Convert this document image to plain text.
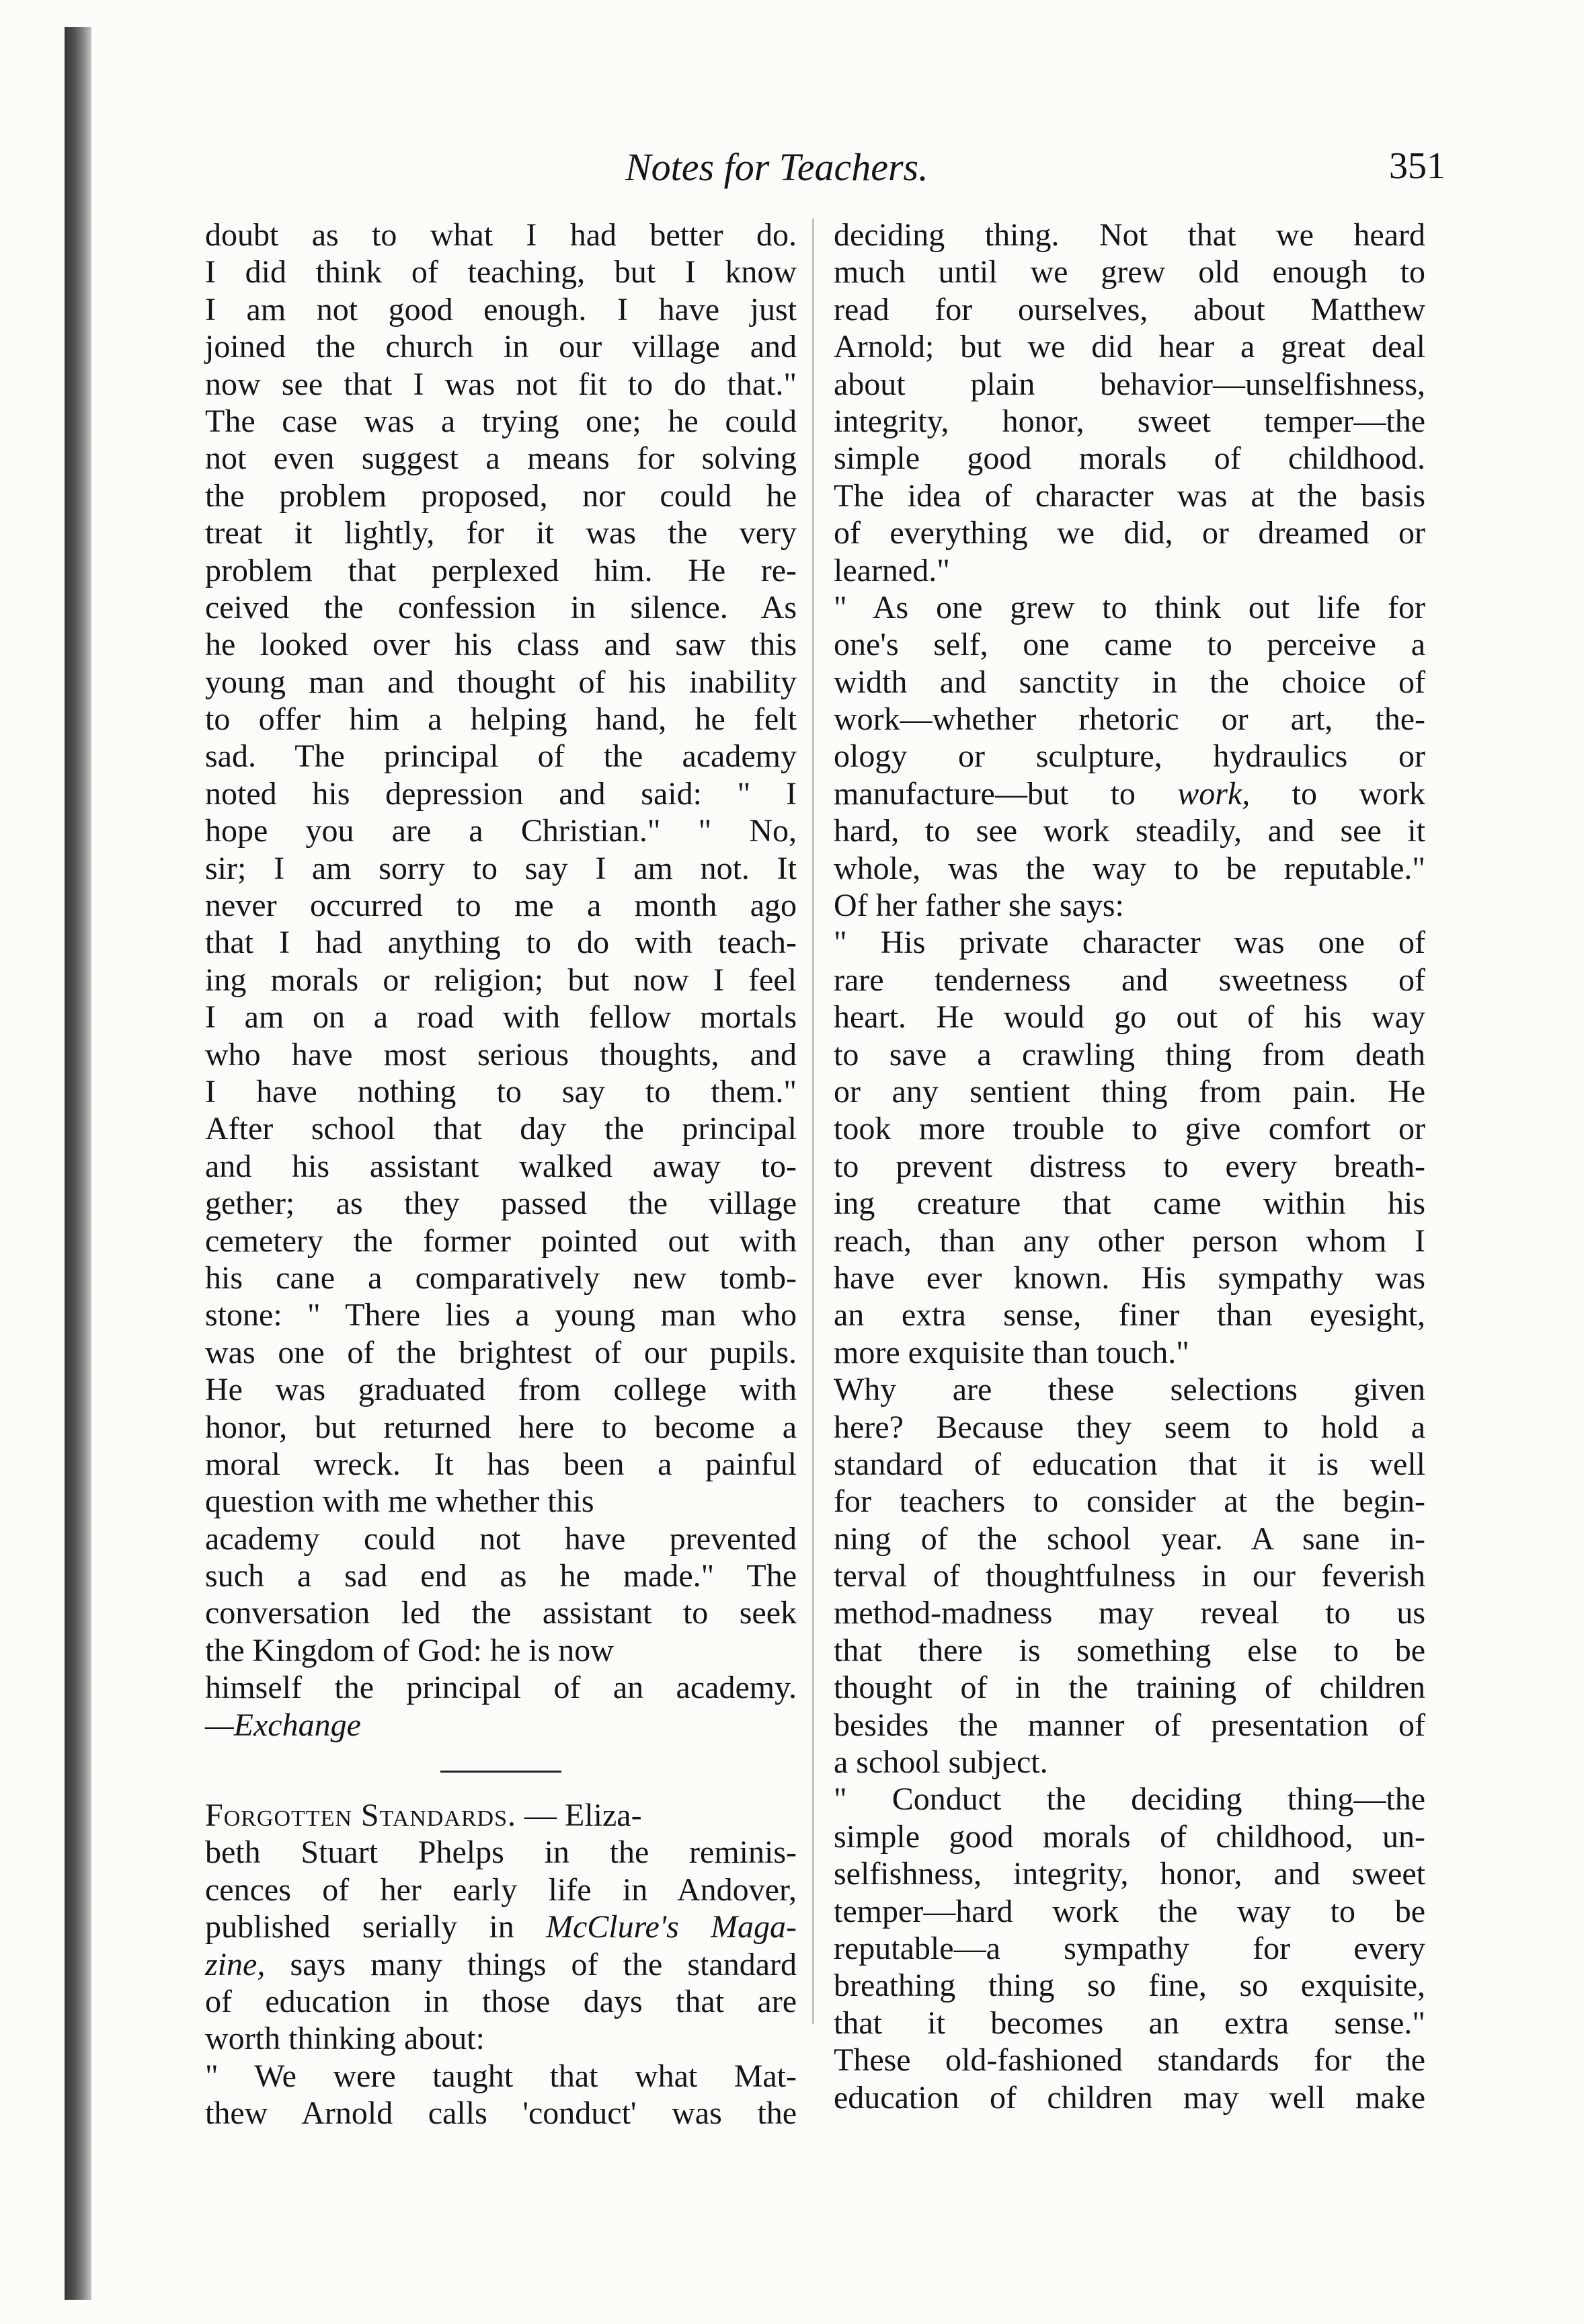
Notes for Teachers.	351
doubt as to what I had better do.
I did think of teaching, but I know
I am not good enough. I have just
joined the church in our village and
now see that I was not fit to do that."
The case was a trying one; he could
not even suggest a means for solving
the problem proposed, nor could he
treat it lightly, for it was the very
problem that perplexed him. He re-
ceived the confession in silence. As
he looked over his class and saw this
young man and thought of his inability
to offer him a helping hand, he felt
sad. The principal of the academy
noted his depression and said: " I
hope you are a Christian." " No,
sir; I am sorry to say I am not. It
never occurred to me a month ago
that I had anything to do with teach-
ing morals or religion; but now I feel
I am on a road with fellow mortals
who have most serious thoughts, and
I have nothing to say to them."
After school that day the principal
and his assistant walked away to-
gether; as they passed the village
cemetery the former pointed out with
his cane a comparatively new tomb-
stone: " There lies a young man who
was one of the brightest of our pupils.
He was graduated from college with
honor, but returned here to become a
moral wreck. It has been a painful
question with me whether this
academy could not have prevented
such a sad end as he made." The
conversation led the assistant to seek
the Kingdom of God: he is now
himself the principal of an academy.
—Exchange
Forgotten Standards. — Eliza-
beth Stuart Phelps in the reminis-
cences of her early life in Andover,
published serially in McClure's Maga-
zine, says many things of the standard
of education in those days that are
worth thinking about:
" We were taught that what Mat-
thew Arnold calls 'conduct' was the
deciding thing. Not that we heard
much until we grew old enough to
read for ourselves, about Matthew
Arnold; but we did hear a great deal
about plain behavior—unselfishness,
integrity, honor, sweet temper—the
simple good morals of childhood.
The idea of character was at the basis
of everything we did, or dreamed or
learned."
" As one grew to think out life for
one's self, one came to perceive a
width and sanctity in the choice of
work—whether rhetoric or art, the-
ology or sculpture, hydraulics or
manufacture—but to work, to work
hard, to see work steadily, and see it
whole, was the way to be reputable."
Of her father she says:
" His private character was one of
rare tenderness and sweetness of
heart. He would go out of his way
to save a crawling thing from death
or any sentient thing from pain. He
took more trouble to give comfort or
to prevent distress to every breath-
ing creature that came within his
reach, than any other person whom I
have ever known. His sympathy was
an extra sense, finer than eyesight,
more exquisite than touch."
Why are these selections given
here? Because they seem to hold a
standard of education that it is well
for teachers to consider at the begin-
ning of the school year. A sane in-
terval of thoughtfulness in our feverish
method-madness may reveal to us
that there is something else to be
thought of in the training of children
besides the manner of presentation of
a school subject.
" Conduct the deciding thing—the
simple good morals of childhood, un-
selfishness, integrity, honor, and sweet
temper—hard work the way to be
reputable—a sympathy for every
breathing thing so fine, so exquisite,
that it becomes an extra sense."
These old-fashioned standards for the
education of children may well make
